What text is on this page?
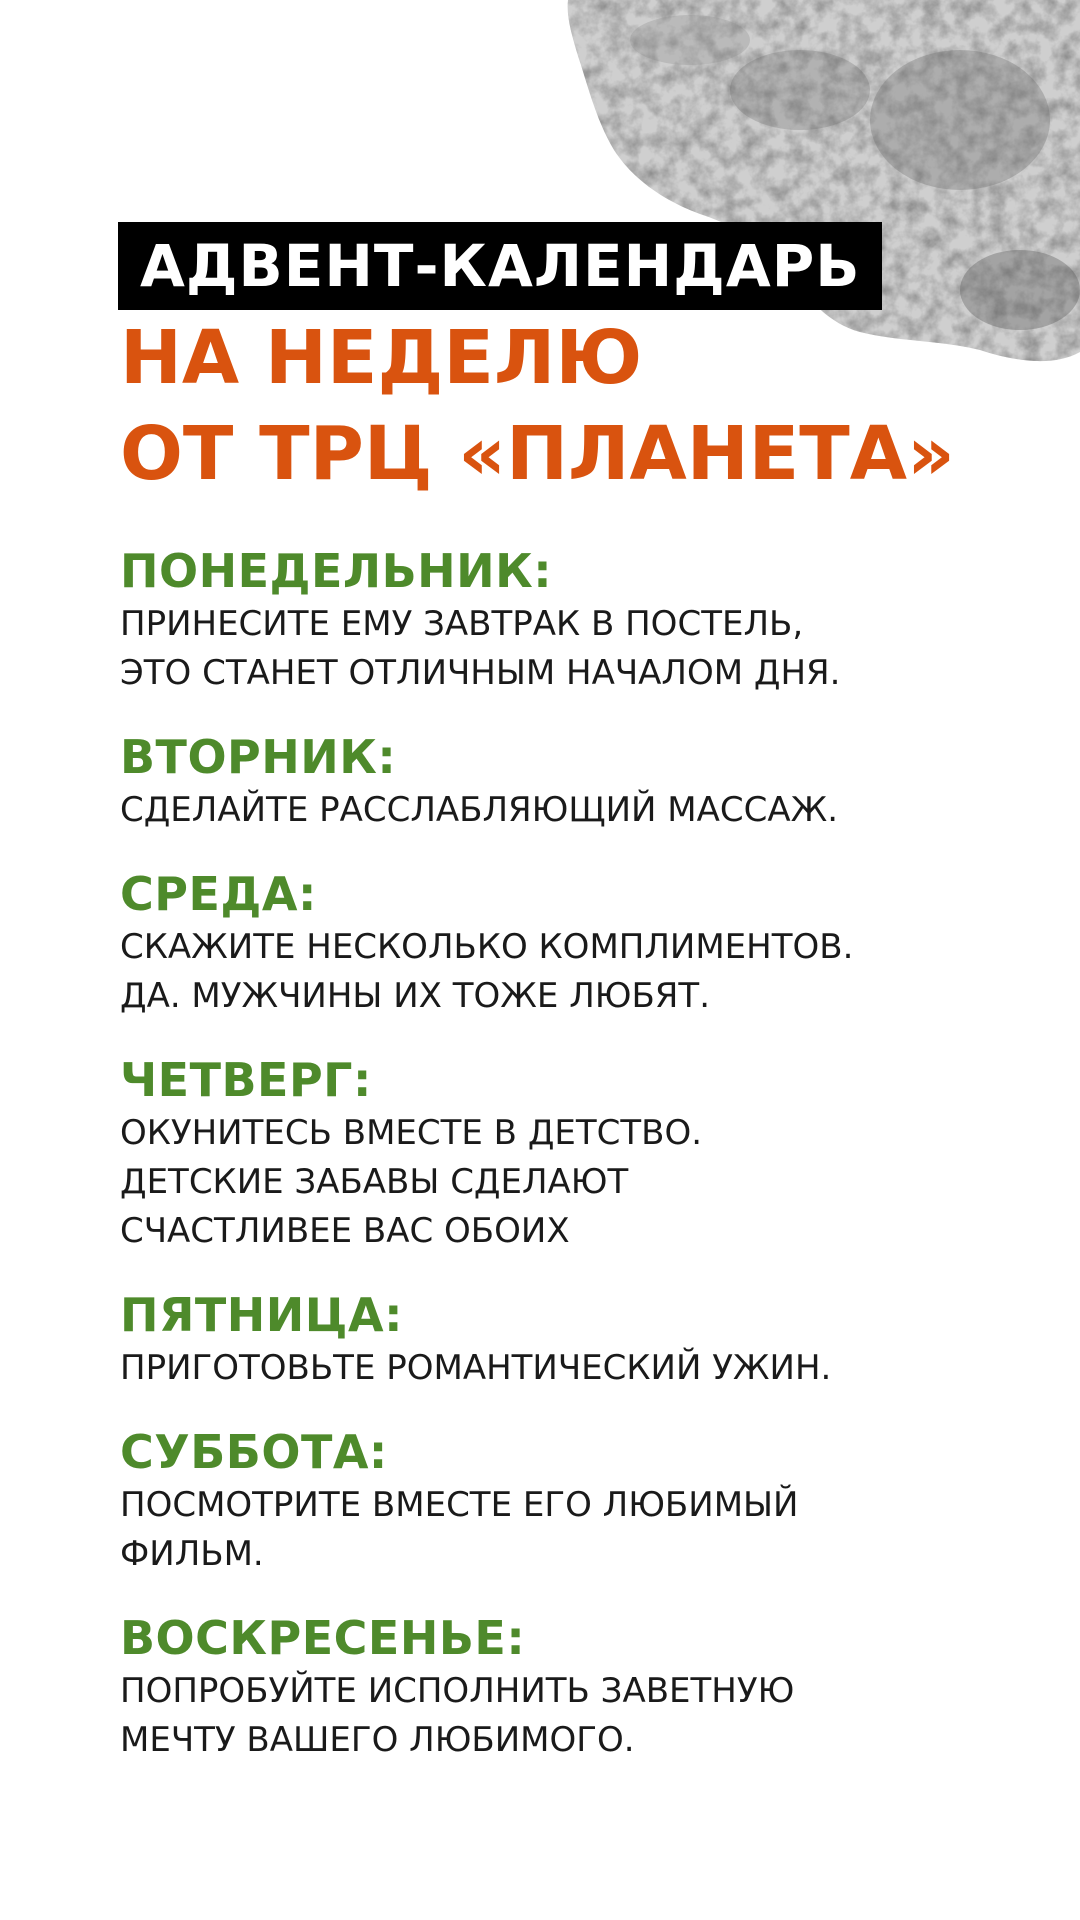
АДВЕНТ-КАЛЕНДАРЬ
НА НЕДЕЛЮ
ОТ ТРЦ «ПЛАНЕТА»
ПОНЕДЕЛЬНИК:
ПРИНЕСИТЕ ЕМУ ЗАВТРАК В ПОСТЕЛЬ,
ЭТО СТАНЕТ ОТЛИЧНЫМ НАЧАЛОМ ДНЯ.
ВТОРНИК:
СДЕЛАЙТЕ РАССЛАБЛЯЮЩИЙ МАССАЖ.
СРЕДА:
СКАЖИТЕ НЕСКОЛЬКО КОМПЛИМЕНТОВ.
ДА. МУЖЧИНЫ ИХ ТОЖЕ ЛЮБЯТ.
ЧЕТВЕРГ:
ОКУНИТЕСЬ ВМЕСТЕ В ДЕТСТВО.
ДЕТСКИЕ ЗАБАВЫ СДЕЛАЮТ
СЧАСТЛИВЕЕ ВАС ОБОИХ
ПЯТНИЦА:
ПРИГОТОВЬТЕ РОМАНТИЧЕСКИЙ УЖИН.
СУББОТА:
ПОСМОТРИТЕ ВМЕСТЕ ЕГО ЛЮБИМЫЙ
ФИЛЬМ.
ВОСКРЕСЕНЬЕ:
ПОПРОБУЙТЕ ИСПОЛНИТЬ ЗАВЕТНУЮ
МЕЧТУ ВАШЕГО ЛЮБИМОГО.
